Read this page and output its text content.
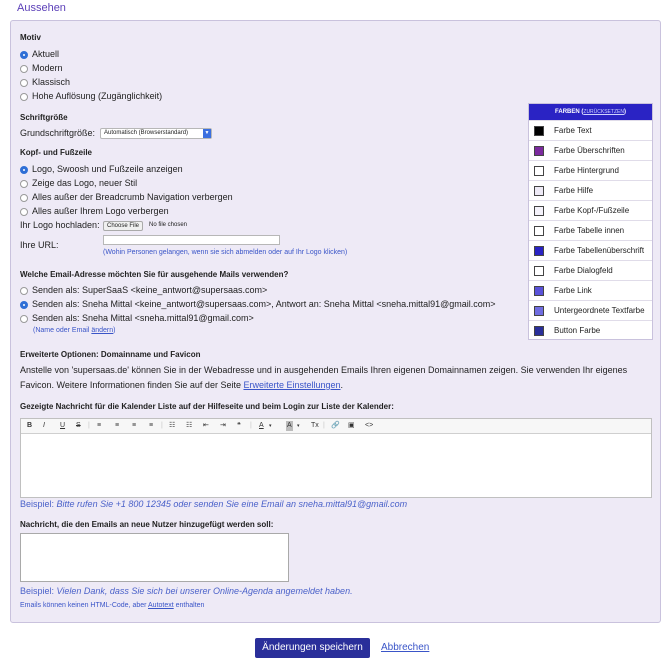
Aussehen
Motiv
Aktuell
Modern
Klassisch
Hohe Auflösung (Zugänglichkeit)
Schriftgröße
Grundschriftgröße:	Automatisch (Browserstandard)	▼
Kopf- und Fußzeile
Logo, Swoosh und Fußzeile anzeigen
Zeige das Logo, neuer Stil
Alles außer der Breadcrumb Navigation verbergen
Alles außer Ihrem Logo verbergen
Ihr Logo hochladen:	Choose File	No file chosen
Ihre URL:
(Wohin Personen gelangen, wenn sie sich abmelden oder auf Ihr Logo klicken)
Welche Email-Adresse möchten Sie für ausgehende Mails verwenden?
Senden als: SuperSaaS <keine_antwort@supersaas.com>
Senden als: Sneha Mittal <keine_antwort@supersaas.com>, Antwort an: Sneha Mittal <sneha.mittal91@gmail.com>
Senden als: Sneha Mittal <sneha.mittal91@gmail.com>
(Name oder Email ändern)
Erweiterte Optionen: Domainname und Favicon
Anstelle von 'supersaas.de' können Sie in der Webadresse und in ausgehenden Emails Ihren eigenen Domainnamen zeigen. Sie verwenden Ihr eigenes Favicon. Weitere Informationen finden Sie auf der Seite Erweiterte Einstellungen.
Gezeigte Nachricht für die Kalender Liste auf der Hilfeseite und beim Login zur Liste der Kalender:
B I U S | ≡ ≡ ≡ ≡ | ☷ ☷ ⇤ ⇥ ❝ | A ▾ A ▾ Tx | 🔗 ▣ <>
Beispiel: Bitte rufen Sie +1 800 12345 oder senden Sie eine Email an sneha.mittal91@gmail.com
Nachricht, die den Emails an neue Nutzer hinzugefügt werden soll:
Beispiel: Vielen Dank, dass Sie sich bei unserer Online-Agenda angemeldet haben.
Emails können keinen HTML-Code, aber Autotext enthalten
FARBEN (ZURÜCKSETZEN)
Farbe Text
Farbe Überschriften
Farbe Hintergrund
Farbe Hilfe
Farbe Kopf-/Fußzeile
Farbe Tabelle innen
Farbe Tabellenüberschrift
Farbe Dialogfeld
Farbe Link
Untergeordnete Textfarbe
Button Farbe
Änderungen speichern	Abbrechen
